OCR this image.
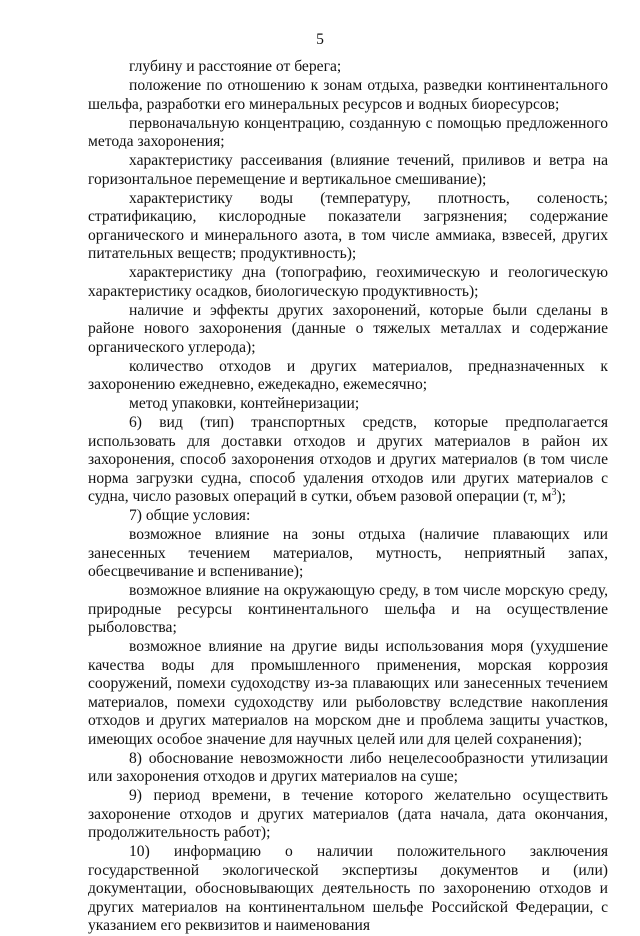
5

глубину и расстояние от берега;

положение по отношению к зонам отдыха, разведки континентального шельфа, разработки его минеральных ресурсов и водных биоресурсов;

первоначальную концентрацию, созданную с помощью предложенного метода захоронения;

характеристику рассеивания (влияние течений, приливов и ветра на горизонтальное перемещение и вертикальное смешивание);

характеристику воды (температуру, плотность, соленость; стратификацию, кислородные показатели загрязнения; содержание органического и минерального азота, в том числе аммиака, взвесей, других питательных веществ; продуктивность);

характеристику дна (топографию, геохимическую и геологическую характеристику осадков, биологическую продуктивность);

наличие и эффекты других захоронений, которые были сделаны в районе нового захоронения (данные о тяжелых металлах и содержание органического углерода);

количество отходов и других материалов, предназначенных к захоронению ежедневно, ежедекадно, ежемесячно;

метод упаковки, контейнеризации;

6) вид (тип) транспортных средств, которые предполагается использовать для доставки отходов и других материалов в район их захоронения, способ захоронения отходов и других материалов (в том числе норма загрузки судна, способ удаления отходов или других материалов с судна, число разовых операций в сутки, объем разовой операции (т, $м^3$);

7) общие условия:

возможное влияние на зоны отдыха (наличие плавающих или занесенных течением материалов, мутность, неприятный запах, обесцвечивание и вспенивание);

возможное влияние на окружающую среду, в том числе морскую среду, природные ресурсы континентального шельфа и на осуществление рыболовства;

возможное влияние на другие виды использования моря (ухудшение качества воды для промышленного применения, морская коррозия сооружений, помехи судоходству из-за плавающих или занесенных течением материалов, помехи судоходству или рыболовству вследствие накопления отходов и других материалов на морском дне и проблема защиты участков, имеющих особое значение для научных целей или для целей сохранения);

8) обоснование невозможности либо нецелесообразности утилизации или захоронения отходов и других материалов на суше;

9) период времени, в течение которого желательно осуществить захоронение отходов и других материалов (дата начала, дата окончания, продолжительность работ);

10) информацию о наличии положительного заключения государственной экологической экспертизы документов и (или) документации, обосновывающих деятельность по захоронению отходов и других материалов на континентальном шельфе Российской Федерации, с указанием его реквизитов и наименования
